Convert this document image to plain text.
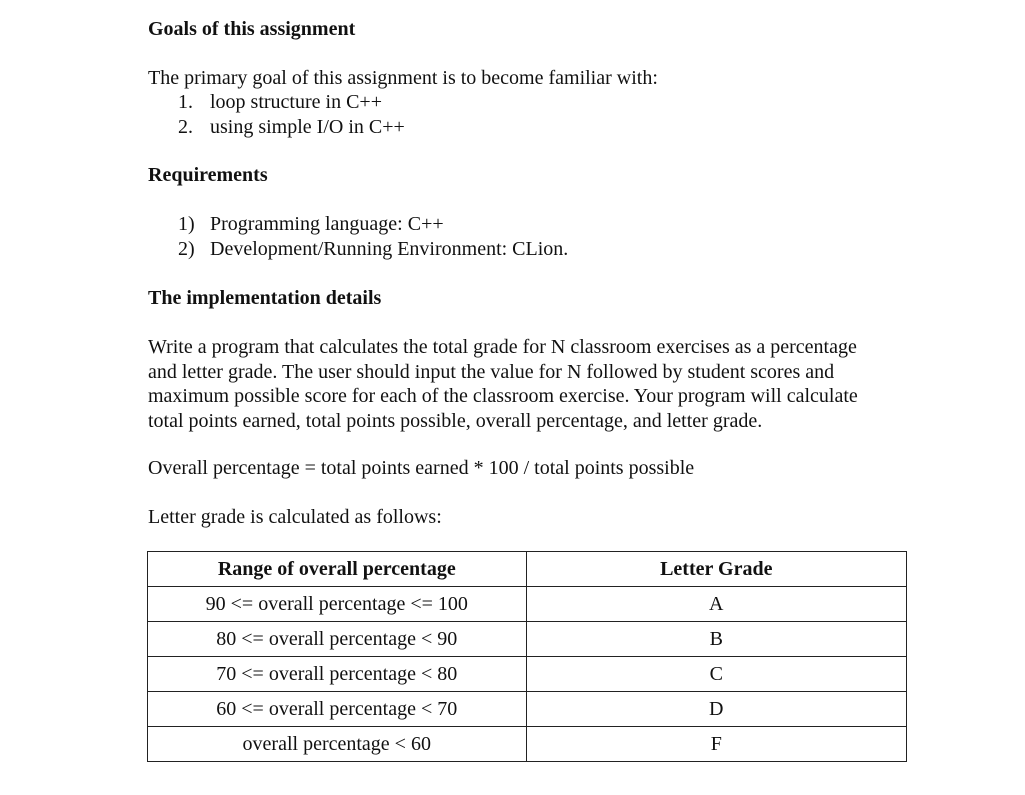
Goals of this assignment
The primary goal of this assignment is to become familiar with:
1. loop structure in C++
2. using simple I/O in C++
Requirements
1) Programming language: C++
2) Development/Running Environment: CLion.
The implementation details
Write a program that calculates the total grade for N classroom exercises as a percentage
and letter grade. The user should input the value for N followed by student scores and
maximum possible score for each of the classroom exercise. Your program will calculate
total points earned, total points possible, overall percentage, and letter grade.
Overall percentage = total points earned * 100 / total points possible
Letter grade is calculated as follows:
Range of overall percentage	Letter Grade
90 <= overall percentage <= 100	A
80 <= overall percentage < 90	B
70 <= overall percentage < 80	C
60 <= overall percentage < 70	D
overall percentage < 60	F
